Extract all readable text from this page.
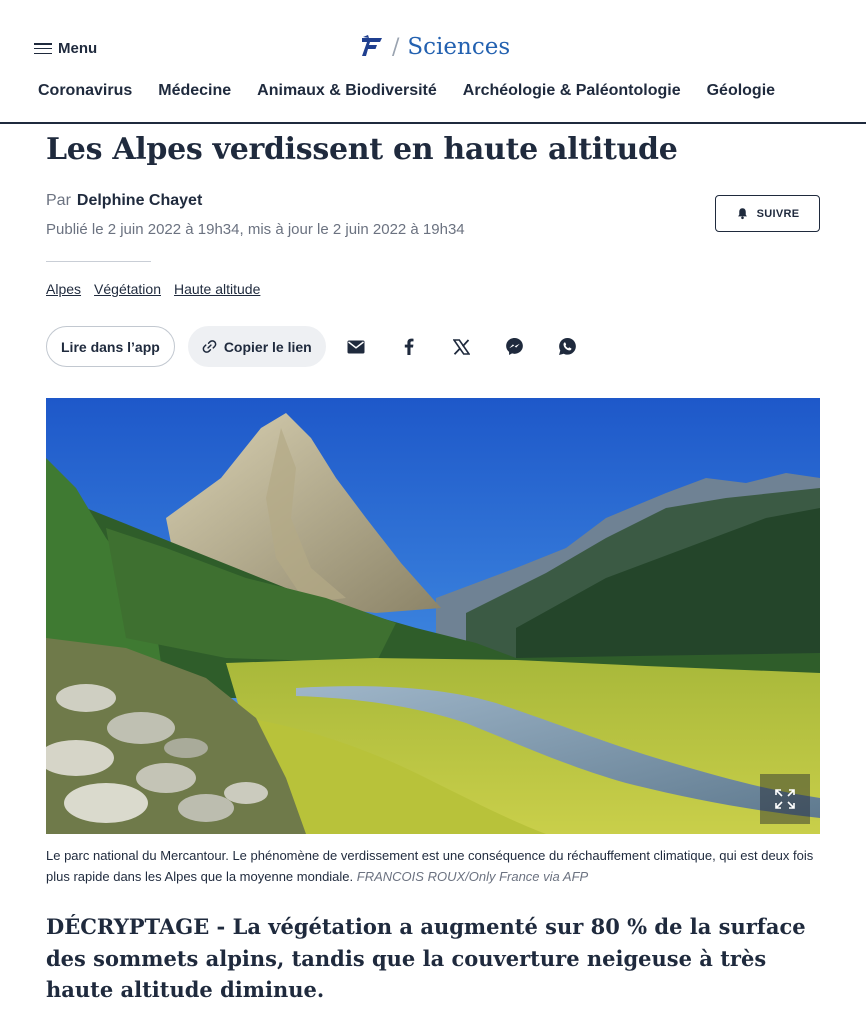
Menu	/ Sciences
Coronavirus Médecine Animaux & Biodiversité Archéologie & Paléontologie Géologie
Les Alpes verdissent en haute altitude
Par Delphine Chayet
Publié le 2 juin 2022 à 19h34, mis à jour le 2 juin 2022 à 19h34
SUIVRE
Alpes Végétation Haute altitude
Lire dans l’app	Copier le lien

Le parc national du Mercantour. Le phénomène de verdissement est une conséquence du réchauffement climatique, qui est deux fois plus rapide dans les Alpes que la moyenne mondiale. FRANCOIS ROUX/Only France via AFP

DÉCRYPTAGE - La végétation a augmenté sur 80 % de la surface des sommets alpins, tandis que la couverture neigeuse à très haute altitude diminue.
